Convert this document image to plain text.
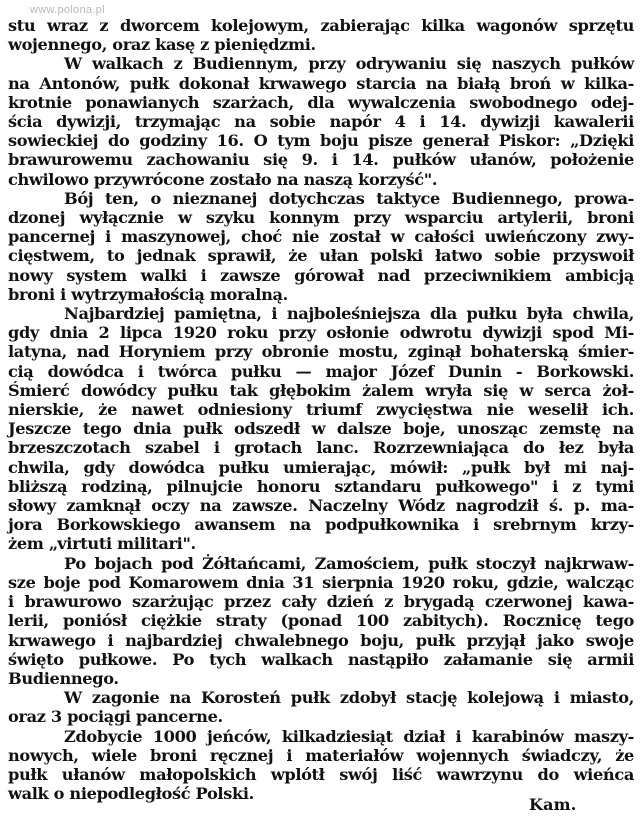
www.polona.pl
stu wraz z dworcem kolejowym, zabierając kilka wagonów sprzętu
wojennego, oraz kasę z pieniędzmi.
W walkach z Budiennym, przy odrywaniu się naszych pułków
na Antonów, pułk dokonał krwawego starcia na białą broń w kilka-
krotnie ponawianych szarżach, dla wywalczenia swobodnego odej-
ścia dywizji, trzymając na sobie napór 4 i 14. dywizji kawalerii
sowieckiej do godziny 16. O tym boju pisze generał Piskor: „Dzięki
brawurowemu zachowaniu się 9. i 14. pułków ułanów, położenie
chwilowo przywrócone zostało na naszą korzyść".
Bój ten, o nieznanej dotychczas taktyce Budiennego, prowa-
dzonej wyłącznie w szyku konnym przy wsparciu artylerii, broni
pancernej i maszynowej, choć nie został w całości uwieńczony zwy-
cięstwem, to jednak sprawił, że ułan polski łatwo sobie przyswoił
nowy system walki i zawsze górował nad przeciwnikiem ambicją
broni i wytrzymałością moralną.
Najbardziej pamiętna, i najboleśniejsza dla pułku była chwila,
gdy dnia 2 lipca 1920 roku przy osłonie odwrotu dywizji spod Mi-
latyna, nad Horyniem przy obronie mostu, zginął bohaterską śmier-
cią dowódca i twórca pułku — major Józef Dunin - Borkowski.
Śmierć dowódcy pułku tak głębokim żalem wryła się w serca żoł-
nierskie, że nawet odniesiony triumf zwycięstwa nie weselił ich.
Jeszcze tego dnia pułk odszedł w dalsze boje, unosząc zemstę na
brzeszczotach szabel i grotach lanc. Rozrzewniająca do łez była
chwila, gdy dowódca pułku umierając, mówił: „pułk był mi naj-
bliższą rodziną, pilnujcie honoru sztandaru pułkowego" i z tymi
słowy zamknął oczy na zawsze. Naczelny Wódz nagrodził ś. p. ma-
jora Borkowskiego awansem na podpułkownika i srebrnym krzy-
żem „virtuti militari".
Po bojach pod Żółtańcami, Zamościem, pułk stoczył najkrwaw-
sze boje pod Komarowem dnia 31 sierpnia 1920 roku, gdzie, walcząc
i brawurowo szarżując przez cały dzień z brygadą czerwonej kawa-
lerii, poniósł ciężkie straty (ponad 100 zabitych). Rocznicę tego
krwawego i najbardziej chwalebnego boju, pułk przyjął jako swoje
święto pułkowe. Po tych walkach nastąpiło załamanie się armii
Budiennego.
W zagonie na Korosteń pułk zdobył stację kolejową i miasto,
oraz 3 pociągi pancerne.
Zdobycie 1000 jeńców, kilkadziesiąt dział i karabinów maszy-
nowych, wiele broni ręcznej i materiałów wojennych świadczy, że
pułk ułanów małopolskich wplótł swój liść wawrzynu do wieńca
walk o niepodległość Polski.
Kam.
